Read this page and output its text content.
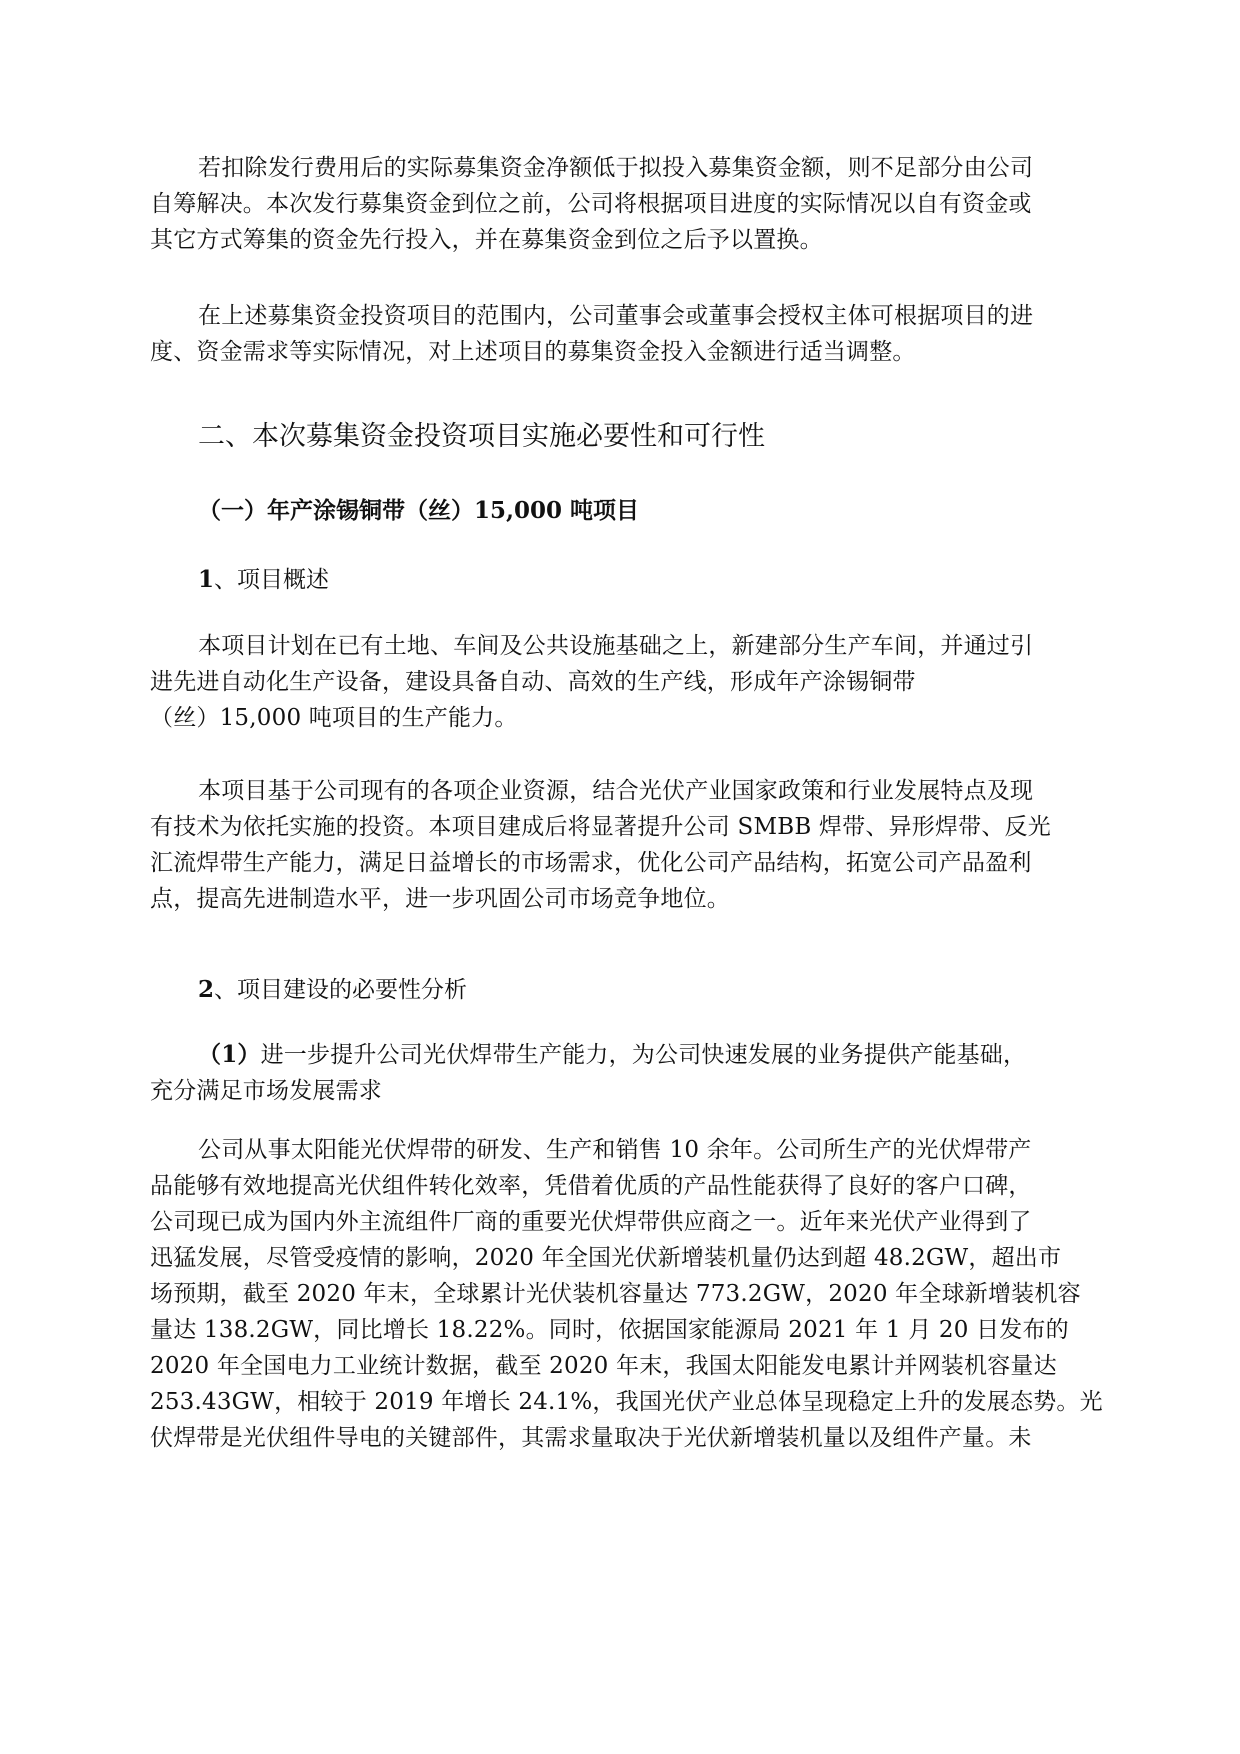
若扣除发行费用后的实际募集资金净额低于拟投入募集资金额，则不足部分由公司
自筹解决。本次发行募集资金到位之前，公司将根据项目进度的实际情况以自有资金或
其它方式筹集的资金先行投入，并在募集资金到位之后予以置换。
在上述募集资金投资项目的范围内，公司董事会或董事会授权主体可根据项目的进
度、资金需求等实际情况，对上述项目的募集资金投入金额进行适当调整。
二、本次募集资金投资项目实施必要性和可行性
（一）年产涂锡铜带（丝）15,000 吨项目
1、项目概述
本项目计划在已有土地、车间及公共设施基础之上，新建部分生产车间，并通过引
进先进自动化生产设备，建设具备自动、高效的生产线，形成年产涂锡铜带
（丝）15,000 吨项目的生产能力。
本项目基于公司现有的各项企业资源，结合光伏产业国家政策和行业发展特点及现
有技术为依托实施的投资。本项目建成后将显著提升公司 SMBB 焊带、异形焊带、反光
汇流焊带生产能力，满足日益增长的市场需求，优化公司产品结构，拓宽公司产品盈利
点，提高先进制造水平，进一步巩固公司市场竞争地位。
2、项目建设的必要性分析
（1）进一步提升公司光伏焊带生产能力，为公司快速发展的业务提供产能基础，
充分满足市场发展需求
公司从事太阳能光伏焊带的研发、生产和销售 10 余年。公司所生产的光伏焊带产
品能够有效地提高光伏组件转化效率，凭借着优质的产品性能获得了良好的客户口碑，
公司现已成为国内外主流组件厂商的重要光伏焊带供应商之一。近年来光伏产业得到了
迅猛发展，尽管受疫情的影响，2020 年全国光伏新增装机量仍达到超 48.2GW，超出市
场预期，截至 2020 年末，全球累计光伏装机容量达 773.2GW，2020 年全球新增装机容
量达 138.2GW，同比增长 18.22%。同时，依据国家能源局 2021 年 1 月 20 日发布的
2020 年全国电力工业统计数据，截至 2020 年末，我国太阳能发电累计并网装机容量达
253.43GW，相较于 2019 年增长 24.1%，我国光伏产业总体呈现稳定上升的发展态势。光
伏焊带是光伏组件导电的关键部件，其需求量取决于光伏新增装机量以及组件产量。未
